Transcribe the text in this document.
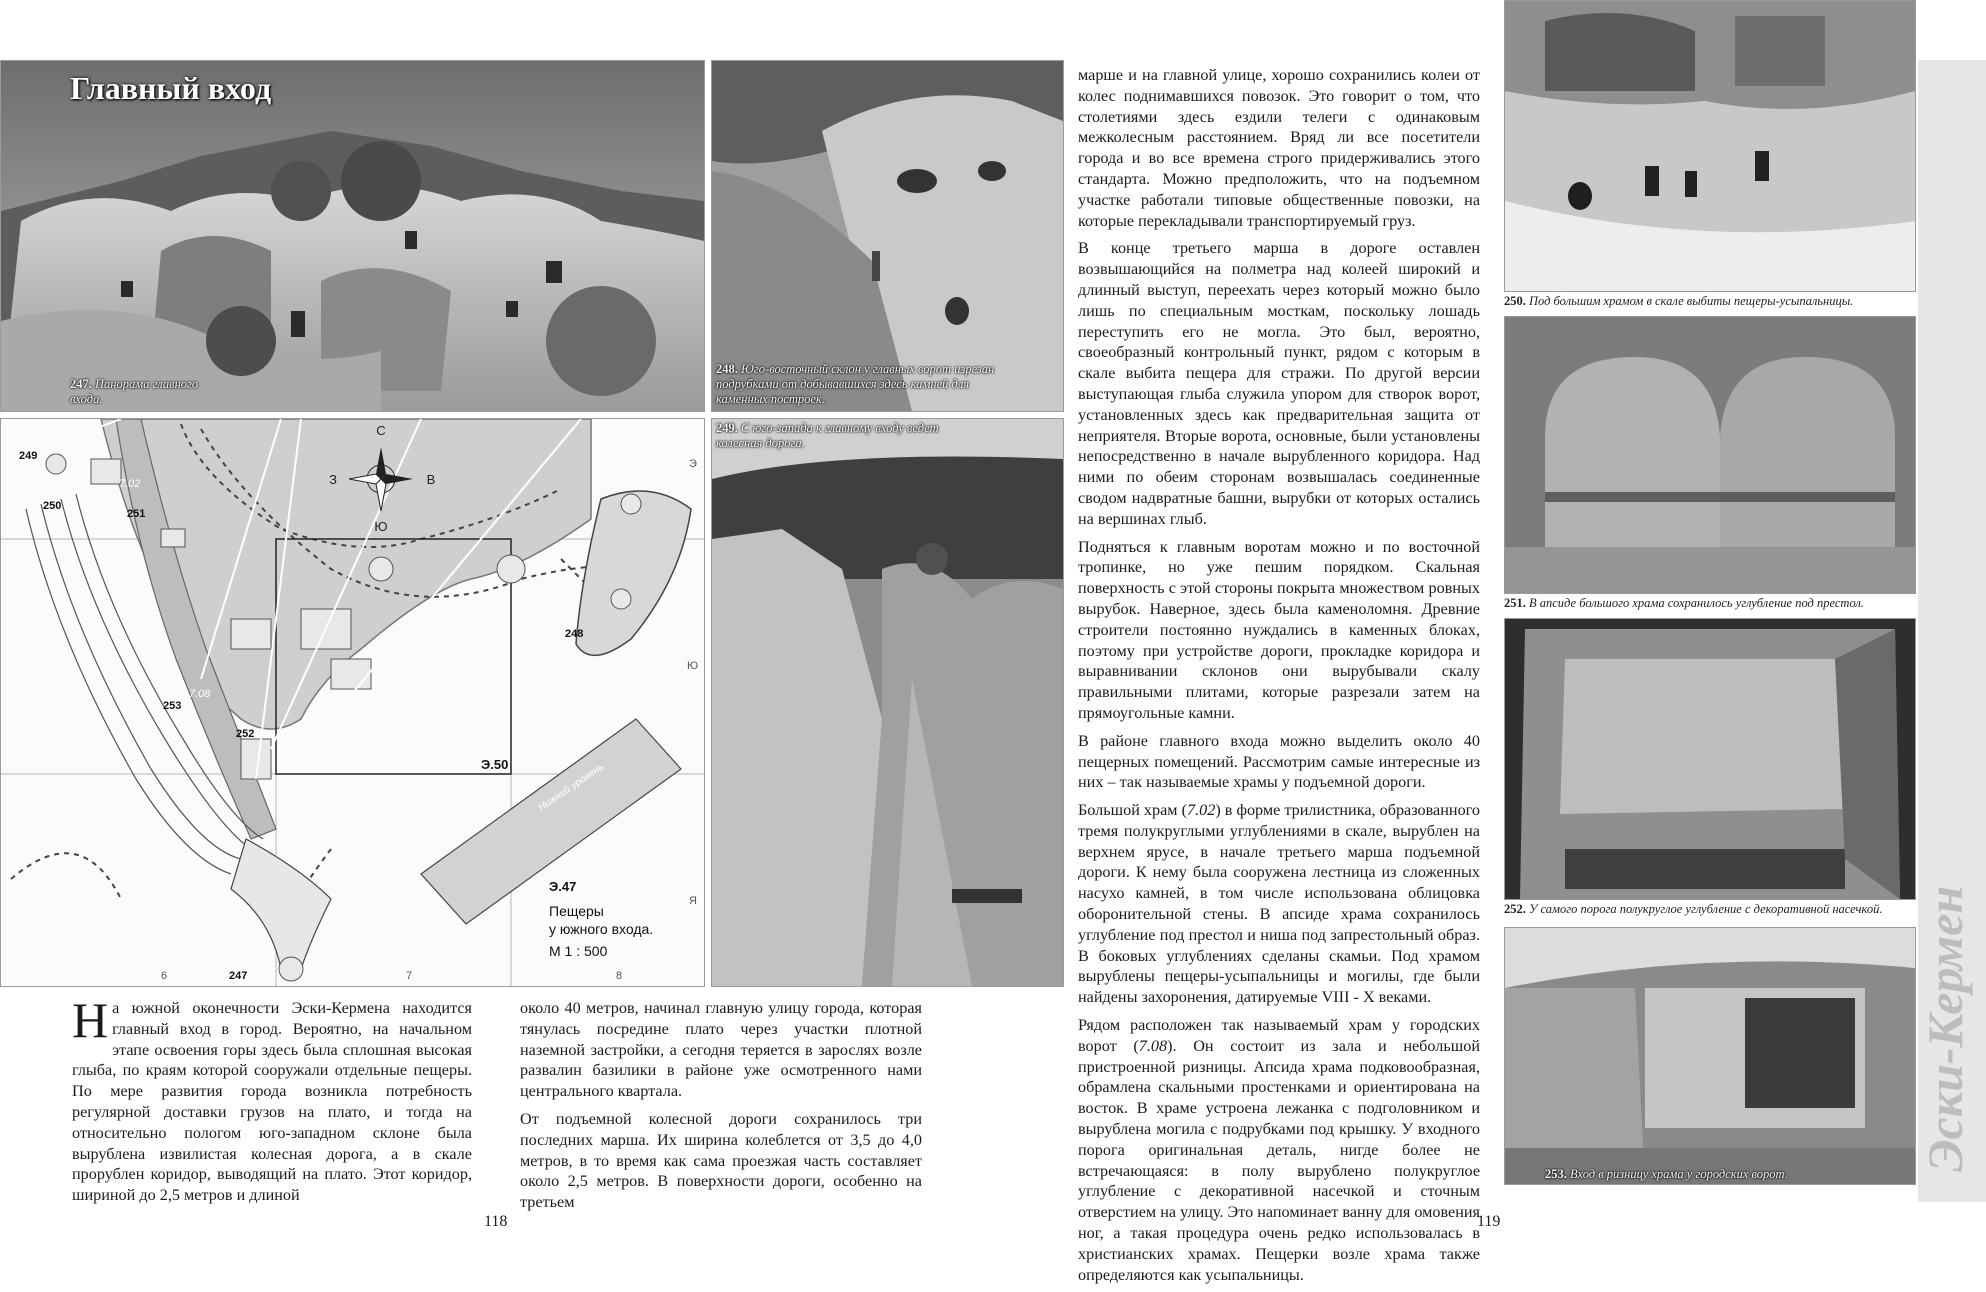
Главный вход
247. Панорама главного входа.
248. Юго-восточный склон у главных ворот изрезан подрубками от добывавшихся здесь камней для каменных построек.
249. С юго-запада к главному входу ведет колесная дорога.
С
Ю
З	В
249
250
251
253
252
248
247
7.02
7.08
6	7	8
Э
Ю
Я
Э.50	Нижний уровень
Э.47
Пещеры
у южного входа.
М 1 : 500
250. Под большим храмом в скале выбиты пещеры-усыпальницы.
251. В апсиде большого храма сохранилось углубление под престол.
252. У самого порога полукруглое углубление с декоративной насечкой.
253. Вход в ризницу храма у городских ворот.
Эски-Кермен
На южной оконечности Эски-Кермена находится главный вход в город. Вероятно, на начальном этапе освоения горы здесь была сплошная высокая глыба, по краям которой сооружали отдельные пещеры. По мере развития города возникла потребность регулярной доставки грузов на плато, и тогда на относительно пологом юго-западном склоне была вырублена извилистая колесная дорога, а в скале прорублен коридор, выводящий на плато. Этот коридор, шириной до 2,5 метров и длиной

около 40 метров, начинал главную улицу города, которая тянулась посредине плато через участки плотной наземной застройки, а сегодня теряется в зарослях возле развалин базилики в районе уже осмотренного нами центрального квартала.

От подъемной колесной дороги сохранилось три последних марша. Их ширина колеблется от 3,5 до 4,0 метров, в то время как сама проезжая часть составляет около 2,5 метров. В поверхности дороги, особенно на третьем

марше и на главной улице, хорошо сохранились колеи от колес поднимавшихся повозок. Это говорит о том, что столетиями здесь ездили телеги с одинаковым межколесным расстоянием. Вряд ли все посетители города и во все времена строго придерживались этого стандарта. Можно предположить, что на подъемном участке работали типовые общественные повозки, на которые перекладывали транспортируемый груз.

В конце третьего марша в дороге оставлен возвышающийся на полметра над колеей широкий и длинный выступ, переехать через который можно было лишь по специальным мосткам, поскольку лошадь переступить его не могла. Это был, вероятно, своеобразный контрольный пункт, рядом с которым в скале выбита пещера для стражи. По другой версии выступающая глыба служила упором для створок ворот, установленных здесь как предварительная защита от неприятеля. Вторые ворота, основные, были установлены непосредственно в начале вырубленного коридора. Над ними по обеим сторонам возвышалась соединенные сводом надвратные башни, вырубки от которых остались на вершинах глыб.

Подняться к главным воротам можно и по восточной тропинке, но уже пешим порядком. Скальная поверхность с этой стороны покрыта множеством ровных вырубок. Наверное, здесь была каменоломня. Древние строители постоянно нуждались в каменных блоках, поэтому при устройстве дороги, прокладке коридора и выравнивании склонов они вырубывали скалу правильными плитами, которые разрезали затем на прямоугольные камни.

В районе главного входа можно выделить около 40 пещерных помещений. Рассмотрим самые интересные из них – так называемые храмы у подъемной дороги.

Большой храм (7.02) в форме трилистника, образованного тремя полукруглыми углублениями в скале, вырублен на верхнем ярусе, в начале третьего марша подъемной дороги. К нему была сооружена лестница из сложенных насухо камней, в том числе использована облицовка оборонительной стены. В апсиде храма сохранилось углубление под престол и ниша под запрестольный образ. В боковых углублениях сделаны скамьи. Под храмом вырублены пещеры-усыпальницы и могилы, где были найдены захоронения, датируемые VIII - X веками.

Рядом расположен так называемый храм у городских ворот (7.08). Он состоит из зала и небольшой пристроенной ризницы. Апсида храма подковообразная, обрамлена скальными простенками и ориентирована на восток. В храме устроена лежанка с подголовником и вырублена могила с подрубками под крышку. У входного порога оригинальная деталь, нигде более не встречающаяся: в полу вырублено полукруглое углубление с декоративной насечкой и сточным отверстием на улицу. Это напоминает ванну для омовения ног, а такая процедура очень редко использовалась в христианских храмах. Пещерки возле храма также определяются как усыпальницы.

118	119
